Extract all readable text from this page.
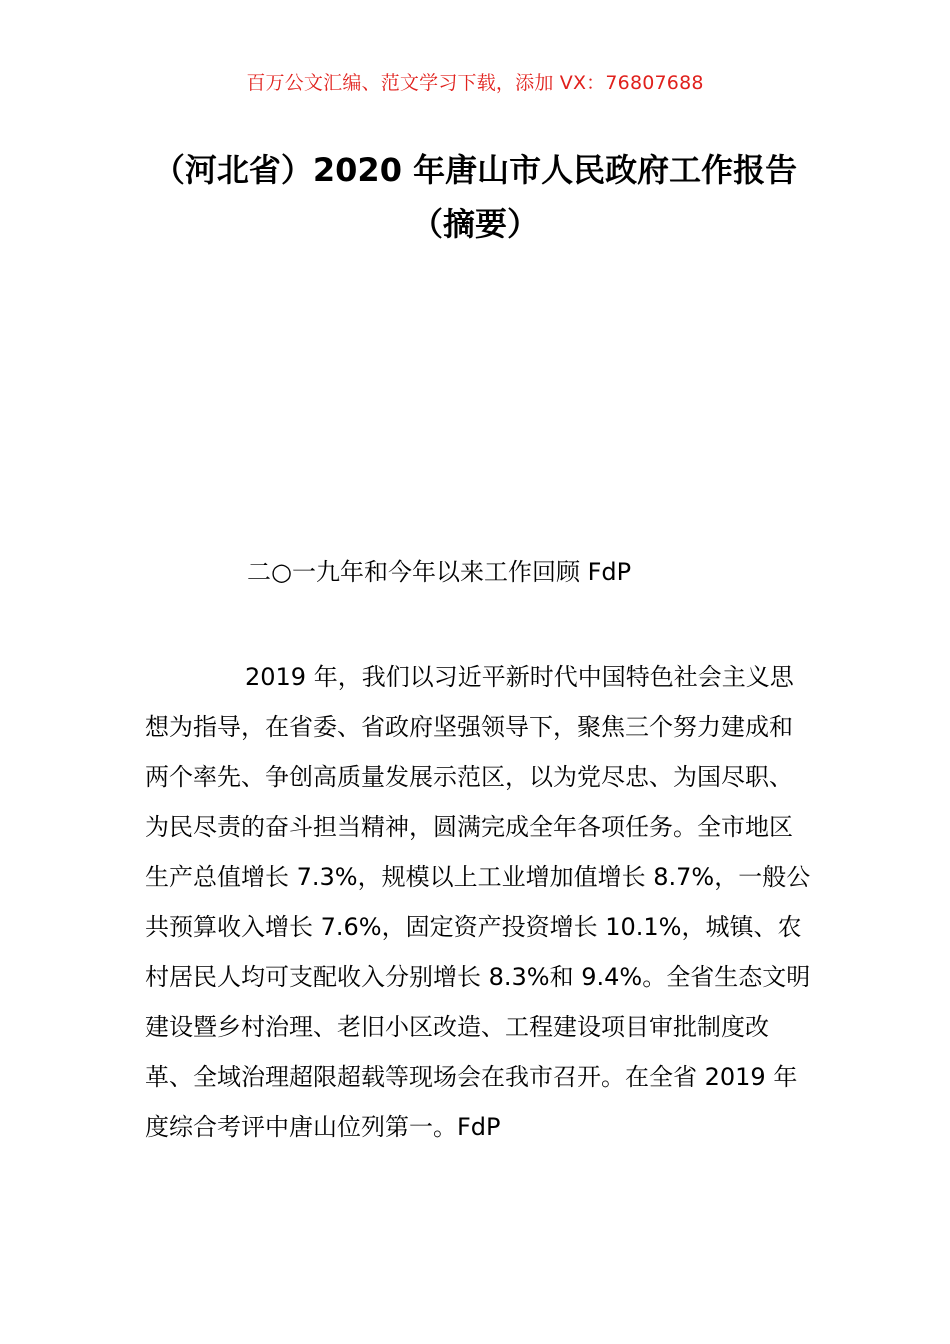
百万公文汇编、范文学习下载，添加 VX：76807688
（河北省）2020 年唐山市人民政府工作报告（摘要）
二○一九年和今年以来工作回顾 FdP

2019 年，我们以习近平新时代中国特色社会主义思想为指导，在省委、省政府坚强领导下，聚焦三个努力建成和两个率先、争创高质量发展示范区，以为党尽忠、为国尽职、为民尽责的奋斗担当精神，圆满完成全年各项任务。全市地区生产总值增长 7.3%，规模以上工业增加值增长 8.7%，一般公共预算收入增长 7.6%，固定资产投资增长 10.1%，城镇、农村居民人均可支配收入分别增长 8.3%和 9.4%。全省生态文明建设暨乡村治理、老旧小区改造、工程建设项目审批制度改革、全域治理超限超载等现场会在我市召开。在全省 2019 年度综合考评中唐山位列第一。FdP
